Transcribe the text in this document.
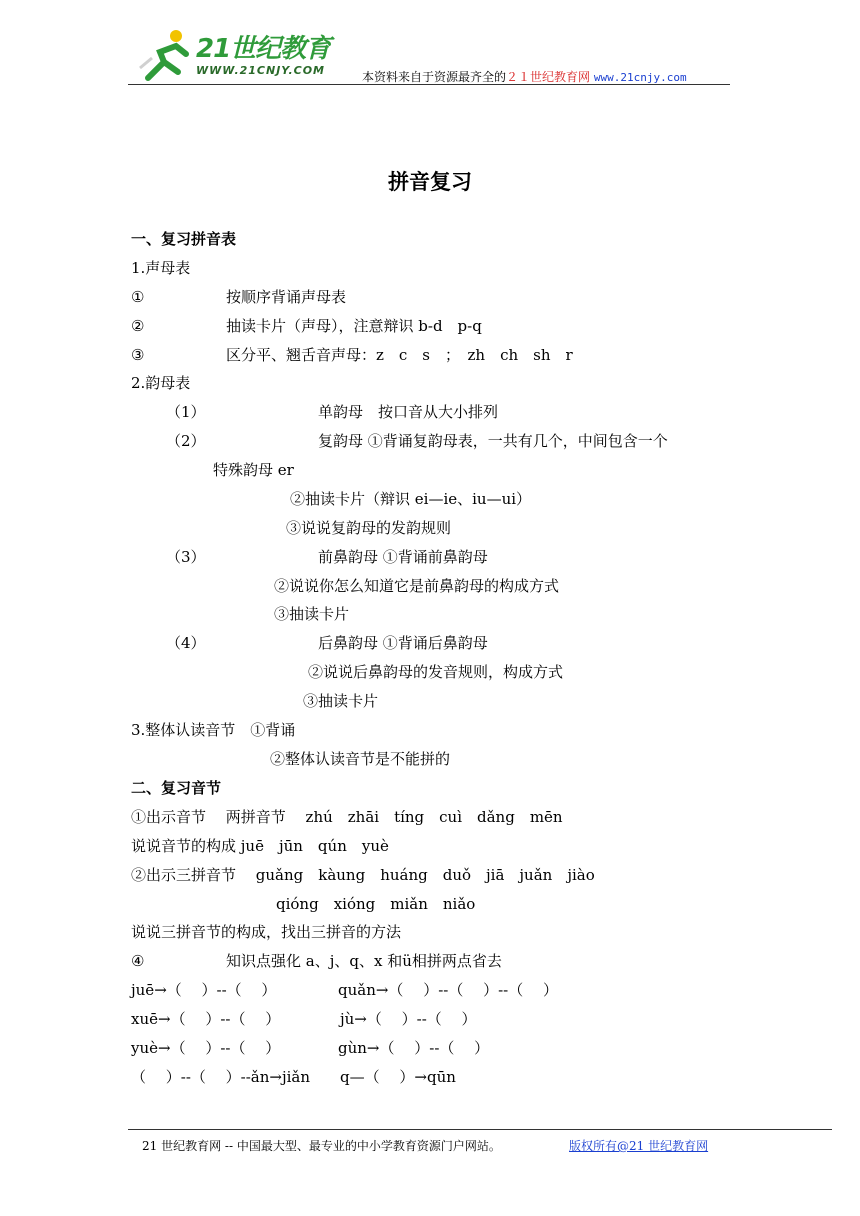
21世纪教育
WWW.21CNJY.COM	本资料来自于资源最齐全的２１世纪教育网 www.21cnjy.com
拼音复习
一、复习拼音表
1.声母表
①	按顺序背诵声母表
②	抽读卡片（声母），注意辩识 b-d　p-q
③	区分平、翘舌音声母：z　c　s　；　zh　ch　sh　r
2.韵母表
（1）	单韵母　按口音从大小排列
（2）	复韵母 ①背诵复韵母表，一共有几个，中间包含一个
特殊韵母 er
②抽读卡片（辩识 ei—ie、iu—ui）
③说说复韵母的发韵规则
（3）	前鼻韵母 ①背诵前鼻韵母
②说说你怎么知道它是前鼻韵母的构成方式
③抽读卡片
（4）	后鼻韵母 ①背诵后鼻韵母
②说说后鼻韵母的发音规则，构成方式
③抽读卡片
3.整体认读音节　①背诵
②整体认读音节是不能拼的
二、复习音节
①出示音节　 两拼音节　 zhú　zhāi　tíng　cuì　dǎng　mēn
说说音节的构成 juē　jūn　qún　yuè
②出示三拼音节　 guǎng　kàung　huáng　duǒ　jiā　juǎn　jiào
qióng　xióng　miǎn　niǎo
说说三拼音节的构成，找出三拼音的方法
④	知识点强化 a、j、q、x 和ü相拼两点省去
juē→（　 ）--（　 ）	quǎn→（　 ）--（　 ）--（　 ）
xuē→（　 ）--（　 ）	jù→（　 ）--（　 ）
yuè→（　 ）--（　 ）	gùn→（　 ）--（　 ）
（　 ）--（　 ）--ǎn→jiǎn　　q—（　 ）→qūn
21 世纪教育网 -- 中国最大型、最专业的中小学教育资源门户网站。	版权所有@21 世纪教育网
